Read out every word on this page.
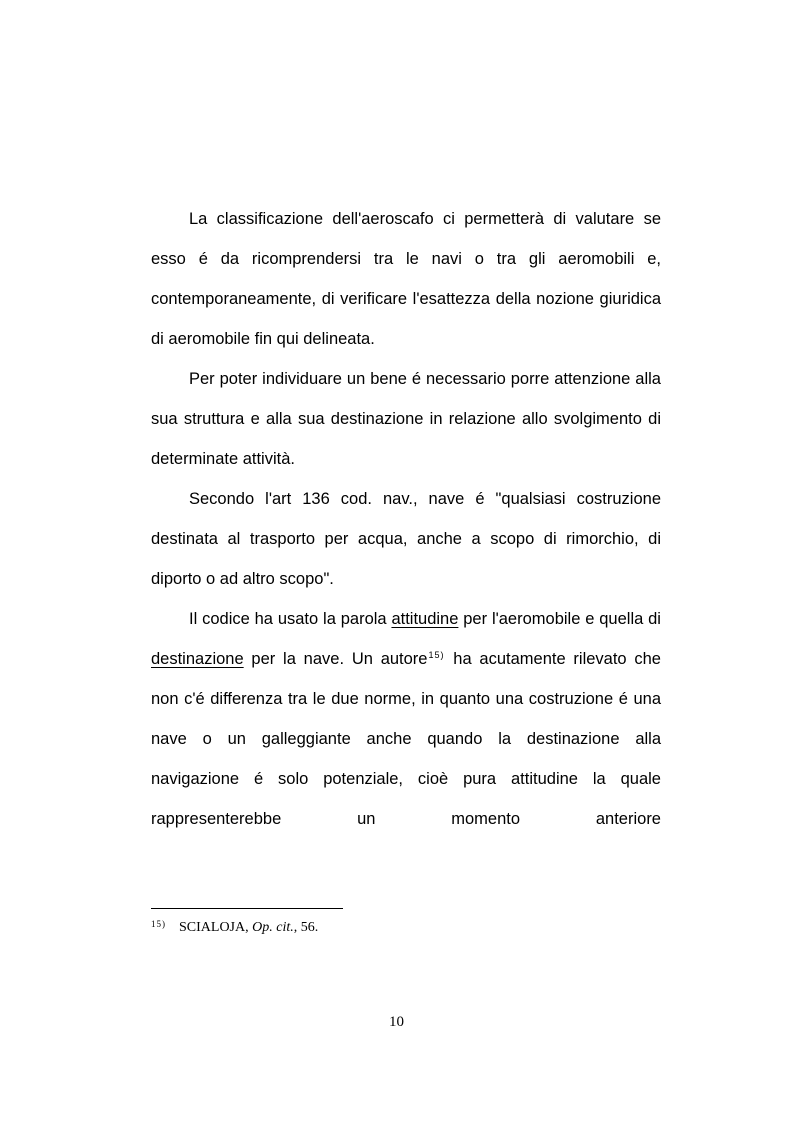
La classificazione dell'aeroscafo ci permetterà di valutare se esso é da ricomprendersi tra le navi o tra gli aeromobili e, contemporaneamente, di verificare l'esattezza della nozione giuridica di aeromobile fin qui delineata.

Per poter individuare un bene é necessario porre attenzione alla sua struttura e alla sua destinazione in relazione allo svolgimento di determinate attività.

Secondo l'art 136 cod. nav., nave é "qualsiasi costruzione destinata al trasporto per acqua, anche a scopo di rimorchio, di diporto o ad altro scopo".

Il codice ha usato la parola attitudine per l'aeromobile e quella di destinazione per la nave. Un autore$^{15)}$ ha acutamente rilevato che non c'é differenza tra le due norme, in quanto una costruzione é una nave o un galleggiante anche quando la destinazione alla navigazione é solo potenziale, cioè pura attitudine la quale rappresenterebbe un momento anteriore

15) SCIALOJA, Op. cit., 56.
10
